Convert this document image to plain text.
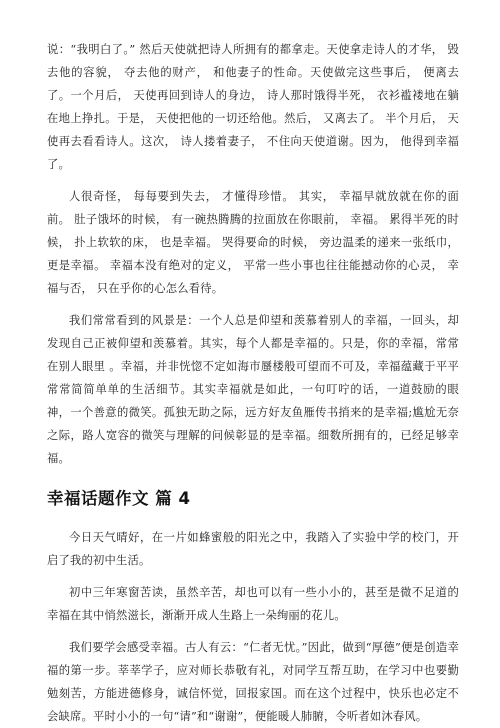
说：“我明白了。” 然后天使就把诗人所拥有的都拿走。天使拿走诗人的才华， 毁去他的容貌， 夺去他的财产， 和他妻子的性命。天使做完这些事后， 便离去了。一个月后， 天使再回到诗人的身边， 诗人那时饿得半死， 衣衫褴褛地在躺在地上挣扎。于是， 天使把他的一切还给他。然后， 又离去了。 半个月后， 天使再去看看诗人。这次， 诗人搂着妻子， 不住向天使道谢。因为， 他得到幸福了。

人很奇怪， 每每要到失去， 才懂得珍惜。 其实， 幸福早就放就在你的面前。 肚子饿坏的时候， 有一碗热腾腾的拉面放在你眼前， 幸福。 累得半死的时候， 扑上软软的床， 也是幸福。 哭得要命的时候， 旁边温柔的递来一张纸巾， 更是幸福。 幸福本没有绝对的定义， 平常一些小事也往往能撼动你的心灵， 幸福与否， 只在乎你的心怎么看待。

我们常常看到的风景是：一个人总是仰望和羡慕着别人的幸福，一回头，却发现自己正被仰望和羡慕着。其实，每个人都是幸福的。只是，你的幸福，常常在别人眼里 。幸福，并非恍惚不定如海市蜃楼般可望而不可及，幸福蕴藏于平平常常简简单单的生活细节。其实幸福就是如此，一句叮咛的话，一道鼓励的眼神，一个善意的微笑。孤独无助之际，远方好友鱼雁传书捎来的是幸福;尴尬无奈之际，路人宽容的微笑与理解的问候彰显的是幸福。细数所拥有的，已经足够幸福。

幸福话题作文 篇 4

今日天气晴好，在一片如蜂蜜般的阳光之中，我踏入了实验中学的校门，开启了我的初中生活。

初中三年寒窗苦读，虽然辛苦，却也可以有一些小小的，甚至是微不足道的幸福在其中悄然滋长，渐渐开成人生路上一朵绚丽的花儿。

我们要学会感受幸福。古人有云：“仁者无忧。”因此，做到“厚德”便是创造幸福的第一步。莘莘学子，应对师长恭敬有礼，对同学互帮互助，在学习中也要勤勉刻苦，方能进德修身，诚信怀觉，回报家国。而在这个过程中，快乐也必定不会缺席。平时小小的一句“请”和“谢谢”，便能暖人肺腑，令听者如沐春风。
